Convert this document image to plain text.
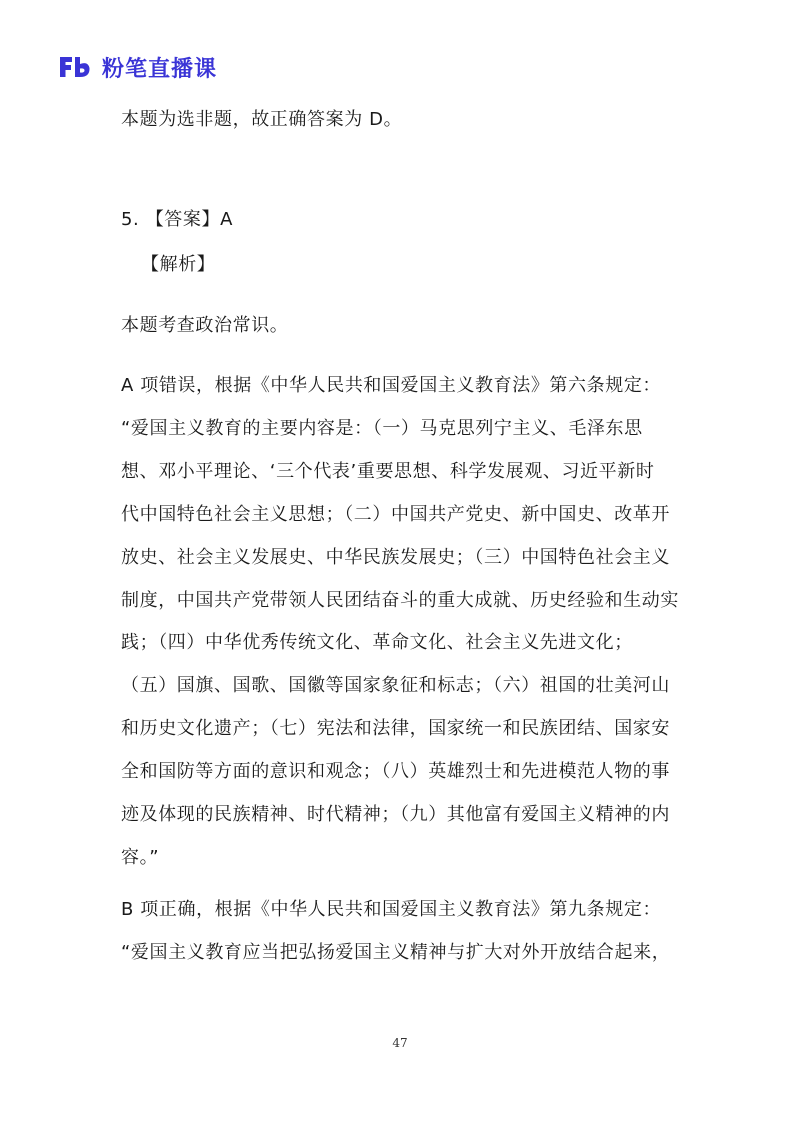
粉笔直播课
本题为选非题，故正确答案为 D。
5. 【答案】A
【解析】
本题考查政治常识。
A 项错误，根据《中华人民共和国爱国主义教育法》第六条规定：
“爱国主义教育的主要内容是：（一）马克思列宁主义、毛泽东思
想、邓小平理论、‘三个代表’重要思想、科学发展观、习近平新时
代中国特色社会主义思想；（二）中国共产党史、新中国史、改革开
放史、社会主义发展史、中华民族发展史；（三）中国特色社会主义
制度，中国共产党带领人民团结奋斗的重大成就、历史经验和生动实
践；（四）中华优秀传统文化、革命文化、社会主义先进文化；
（五）国旗、国歌、国徽等国家象征和标志；（六）祖国的壮美河山
和历史文化遗产；（七）宪法和法律，国家统一和民族团结、国家安
全和国防等方面的意识和观念；（八）英雄烈士和先进模范人物的事
迹及体现的民族精神、时代精神；（九）其他富有爱国主义精神的内
容。”
B 项正确，根据《中华人民共和国爱国主义教育法》第九条规定：
“爱国主义教育应当把弘扬爱国主义精神与扩大对外开放结合起来，
47
